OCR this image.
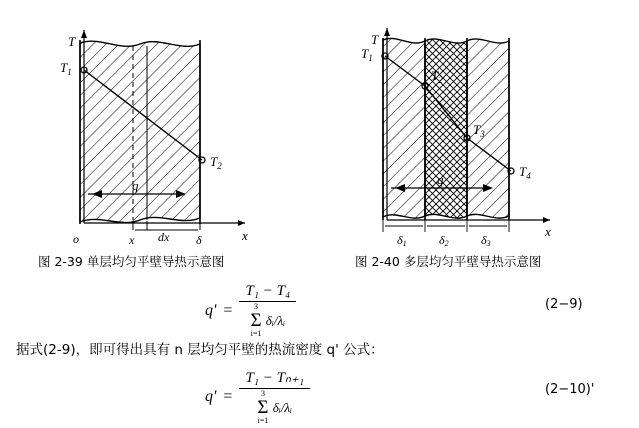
T
x
$T_1$
$T_2$
q
o	x dx δ
T
x
$T_1$
$T_2$
$T_3$
$T_4$
q
δ1	δ2	δ3
图 2-39 单层均匀平壁导热示意图	图 2-40 多层均匀平壁导热示意图
q' = T₁ − T₄
3
Σ
i=1
δᵢ/λᵢ	(2−9)
据式(2-9)，即可得出具有 n 层均匀平壁的热流密度 q' 公式：
q' = T₁ − Tₙ₊₁
3
Σ
i=1
δᵢ/λᵢ	(2−10)'
